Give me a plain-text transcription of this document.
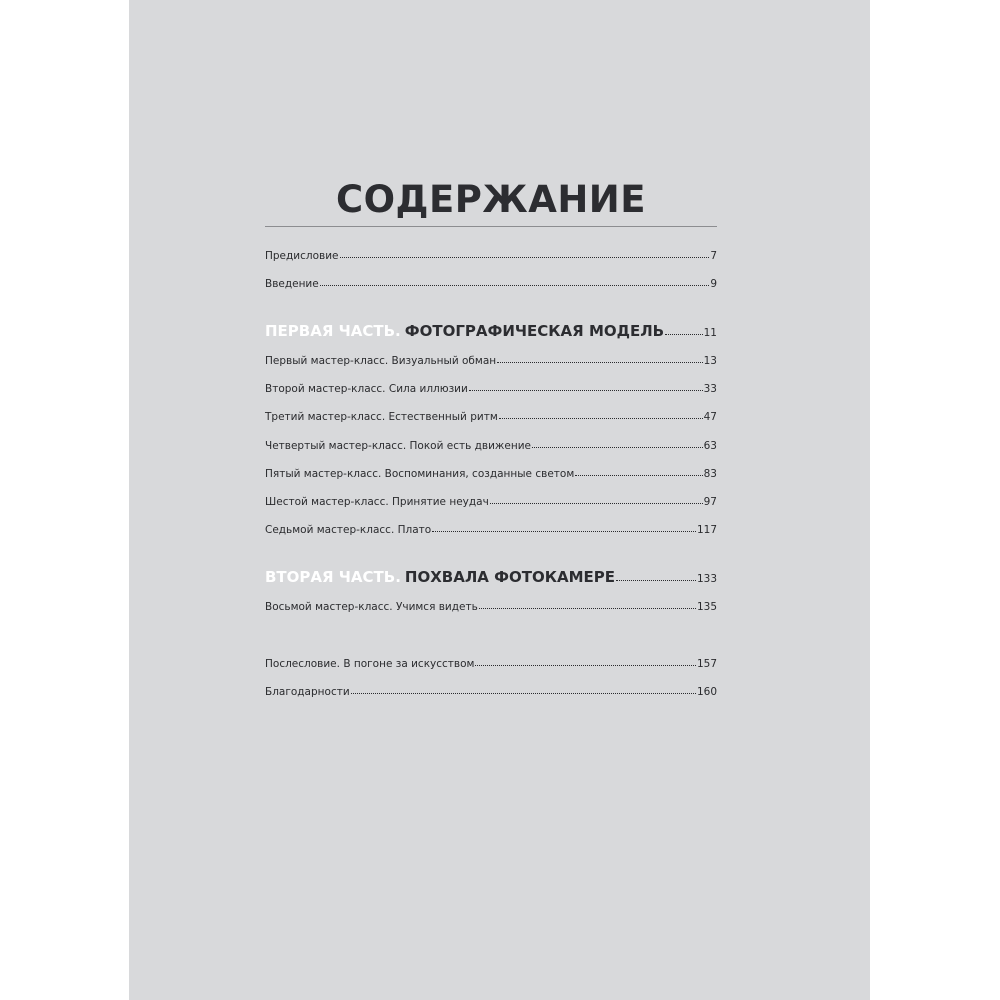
СОДЕРЖАНИЕ
Предисловие	7
Введение	9
ПЕРВАЯ ЧАСТЬ. ФОТОГРАФИЧЕСКАЯ МОДЕЛЬ	11
Первый мастер-класс. Визуальный обман	13
Второй мастер-класс. Сила иллюзии	33
Третий мастер-класс. Естественный ритм	47
Четвертый мастер-класс. Покой есть движение	63
Пятый мастер-класс. Воспоминания, созданные светом	83
Шестой мастер-класс. Принятие неудач	97
Седьмой мастер-класс. Плато	117
ВТОРАЯ ЧАСТЬ. ПОХВАЛА ФОТОКАМЕРЕ	133
Восьмой мастер-класс. Учимся видеть	135
Послесловие. В погоне за искусством	157
Благодарности	160
